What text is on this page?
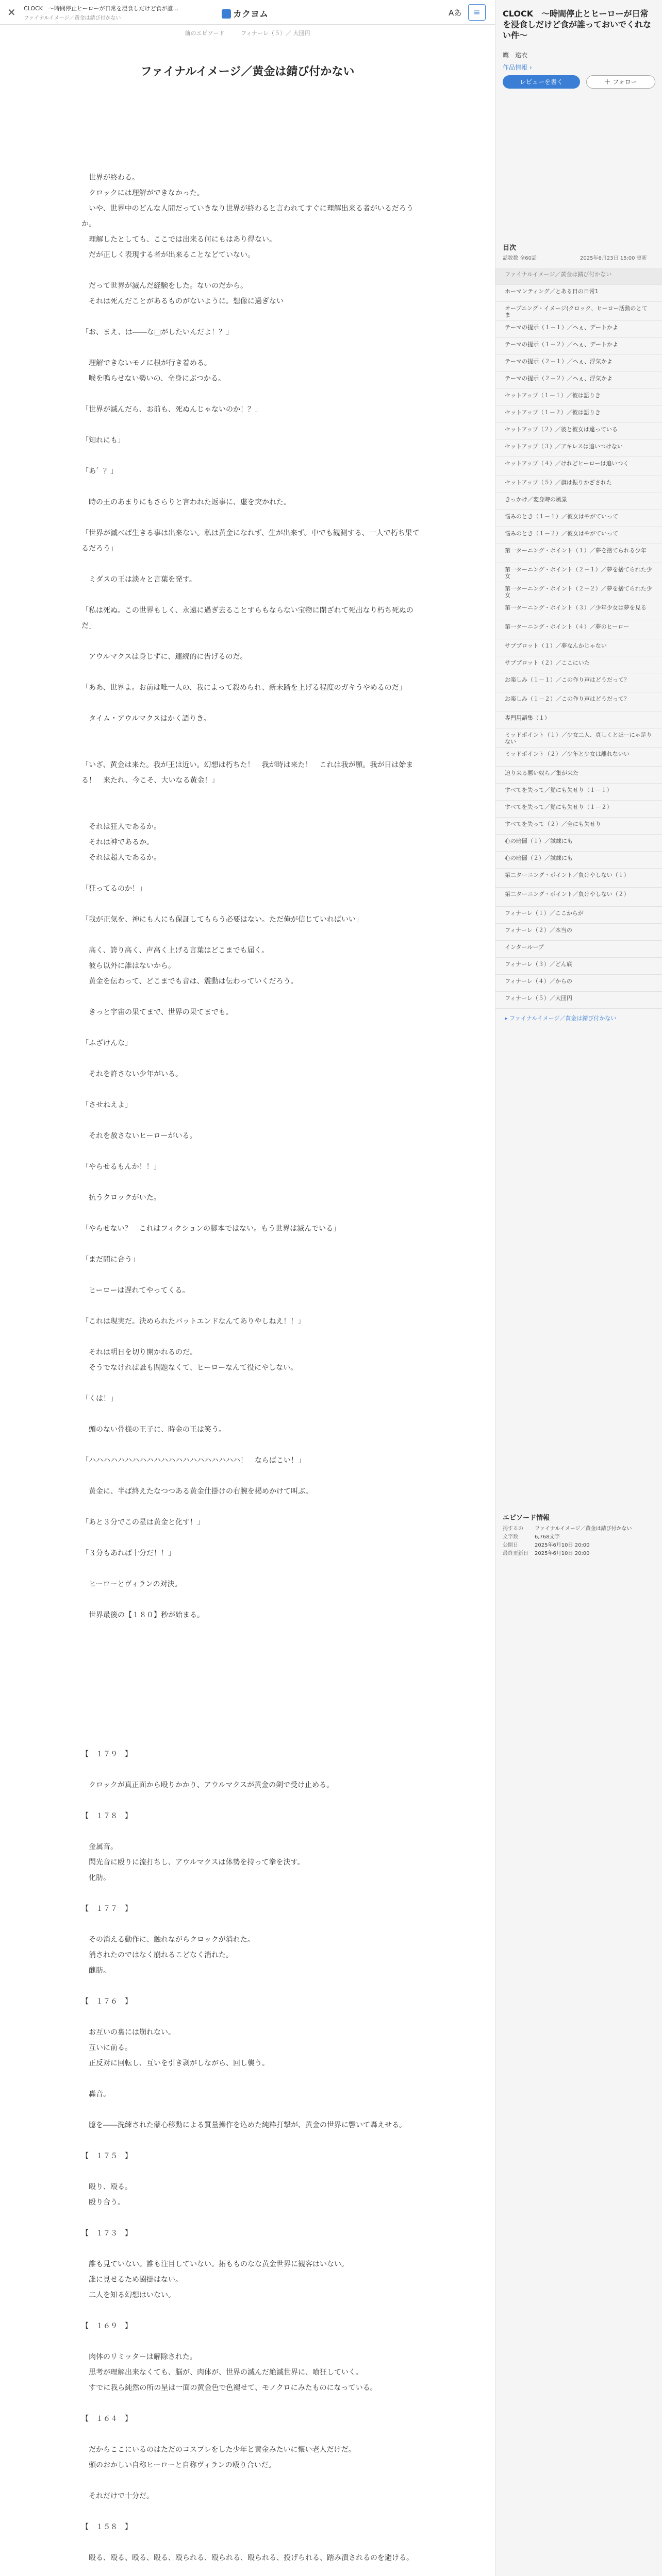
✕ CLOCK　〜時間停止ヒーローが日常を浸食しだけど食が誰…
ファイナルイメージ／黄金は錆び付かない	カクヨム	Aあ	≡
前のエピソード	フィナーレ（５）／ 大団円
ファイナルイメージ／黄金は錆び付かない

　世界が終わる。

　クロックには理解ができなかった。

　いや、世界中のどんな人間だっていきなり世界が終わると言われてすぐに理解出来る者がいるだろうか。

　理解したとしても、ここでは出来る何にもはあり得ない。

　だが正しく表現する者が出来ることなどていない。

　だって世界が滅んだ経験をした。ないのだから。

　それは死んだことがあるものがないように。想像に過ぎない

「お、まえ、は――な□がしたいんだよ！？」

　理解できないモノに根が行き着める。

　喉を鳴らせない勢いの、全身にぶつかる。

「世界が滅んだら、お前も、死ぬんじゃないのか！？」

「知れにも」

「あ゛？」

　時の王のあまりにもさらりと言われた返事に、虚を突かれた。

「世界が滅べば生きる事は出来ない。私は黄金になれず、生が出来ず。中でも観測する、一人で朽ち果てるだろう」

　ミダスの王は淡々と言葉を発す。

「私は死ぬ。この世界もしく、永遠に過ぎ去ることすらもならない宝物に閉ざれて死出なり朽ち死ぬのだ」

　アウルマクスは身じずに、連続的に告げるのだ。

「ああ、世界よ。お前は唯一人の、我によって殺められ、新未踏を上げる程度のガキうやめるのだ」

　タイム・アウルマクスはかく語りき。

「いざ、黄金は来た。我が王は近い。幻想は朽ちた！　我が時は来た！　これは我が願。我が日は始まる！　来たれ、今こそ、大いなる黄金！」

　それは狂人であるか。

　それは神であるか。

　それは超人であるか。

「狂ってるのか！」

「我が正気を、神にも人にも保証してもらう必要はない。ただ俺が信じていればいい」

　高く、誇り高く、声高く上げる言葉はどこまでも届く。

　彼ら以外に誰はないから。

　黄金を伝わって、どこまでも音は、震動は伝わっていくだろう。

　きっと宇宙の果てまで、世界の果てまでも。

「ふざけんな」

　それを許さない少年がいる。

「させねえよ」

　それを赦さないヒーローがいる。

「やらせるもんか！！」

　抗うクロックがいた。

「やらせない？　これはフィクションの脚本ではない。もう世界は滅んでいる」

「まだ間に合う」

　ヒーローは遅れてやってくる。

「これは現実だ。決められたバットエンドなんてありやしねえ！！」

　それは明日を切り開かれるのだ。

　そうでなければ誰も問題なくて、ヒーローなんて役にやしない。

「くは！」

　頭のない骨様の王子に、時金の王は笑う。

「ハハハハハハハハハハハハハハハハハハハハハ！　ならばこい！」

　黄金に、半ば終えたなつつある黄金仕掛けの右腕を掲めかけて叫ぶ。

「あと３分でこの星は黄金と化す！」

「３分もあれば十分だ！！」

　ヒーローとヴィランの対決。

　世界最後の【１８０】秒が始まる。

【　１７９　】

　クロックが真正面から殴りかかり、アウルマクスが黄金の剣で受け止める。

【　１７８　】

　金属音。

　閃光音に殴りに流打ちし、アウルマクスは体勢を持って拳を決す。

　化肪。

【　１７７　】

　その消える動作に、触れながらクロックが消れた。

　消されたのではなく崩れるこどなく消れた。

　醜肪。

【　１７６　】

　お互いの裏には崩れない。

　互いに前る。

　正反対に回転し、互いを引き剥がしながら、回し襲う。

　轟音。

　臆を――洗練された蒙心移動による質量操作を込めた純粋打撃が、黄金の世界に響いて轟えせる。

【　１７５　】

　殴り、殴る。

　殴り合う。

【　１７３　】

　誰も見ていない。誰も注目していない。拓もものなな黄金世界に観客はいない。

　誰に見せるため闘掛はない。

　二人を知る幻想はいない。

【　１６９　】

　肉体のリミッターは解除された。

　思考が理解出来なくても、脳が、肉体が、世界の滅んだ絶滅世界に、喰狂していく。

　すでに我ら純然の所の星は一面の黄金色で色褪せて、モノクロにみたものになっている。

【　１６４　】

　だからここにいるのはただのコスプレをした少年と黄金みたいに懐い老人だけだ。

　頭のおかしい自称ヒーローと自称ヴィランの殴り合いだ。

　それだけで十分だ。

【　１５８　】

　殴る、殴る、殴る、殴る、殴られる、殴られる、殴られる、投げられる、踏み潰されるのを避ける。

CLOCK　〜時間停止とヒーローが日常を浸食しだけど食が誰っておいでくれない件〜
鷹　遠衣
作品情報 ›
レビューを書く	＋ フォロー
目次
話数数 全60話	2025年6月23日 15:00 更新
ファイナルイメージ／黄金は錆び付かない
ホーマンティング／とある日の日常1
オープニング・イメージ(クロック、ヒーロー活動のとてま
テーマの提示（１－１）／ヘぇ、デートかよ
テーマの提示（１－２）／ヘぇ、デートかよ
テーマの提示（２－１）／ヘぇ、浮気かよ
テーマの提示（２－２）／ヘぇ、浮気かよ
セットアップ（１－１）／彼は語りき
セットアップ（１－２）／彼は語りき
セットアップ（２）／彼と彼女は違っている
セットアップ（３）／アキレスは追いつけない
セットアップ（４）／けれどヒーローは追いつく
セットアップ（５）／旗は振りかざされた
きっかけ／変身時の風景
悩みのとき（１－１）／彼女はやがていって
悩みのとき（１－２）／彼女はやがていって
第一ターニング・ポイント（１）／夢を捨てられる少年
第一ターニング・ポイント（２－１）／夢を捨てられた少女
第一ターニング・ポイント（２－２）／夢を捨てられた少女
第一ターニング・ポイント（３）／少年少女は夢を見る
第一ターニング・ポイント（４）／夢のヒーロー
サブプロット（１）／夢なんかじゃない
サブプロット（２）／ここにいた
お楽しみ（１－１）／この作り声はどうだって？
お楽しみ（１－２）／この作り声はどうだって？
専門用語集（１）
ミッドポイント（１）／少女二人、真しくとほーにゃ足りない
ミッドポイント（２）／少年と少女は離れないい
迫り来る悪い奴ら／集が来た
すべてを失って／覚にも失せり（１－１）
すべてを失って／覚にも失せり（１－２）
すべてを失って（２）／全にも失せり
心の暗闇（１）／試練にも
心の暗闇（２）／試練にも
第二ターニング・ポイント／負けやしない（１）
第二ターニング・ポイント／負けやしない（２）
フィナーレ（１）／ここからが
フィナーレ（２）／本当の
インターループ
フィナーレ（３）／どん底
フィナーレ（４）／からの
フィナーレ（５）／大団円
▸ ファイナルイメージ／黄金は錆び付かない
エピソード情報
掲するの ファイナルイメージ／黄金は錆び付かない
文字数	6,768文字
公開日	2025年6月10日 20:00
最終更新日 2025年6月10日 20:00
